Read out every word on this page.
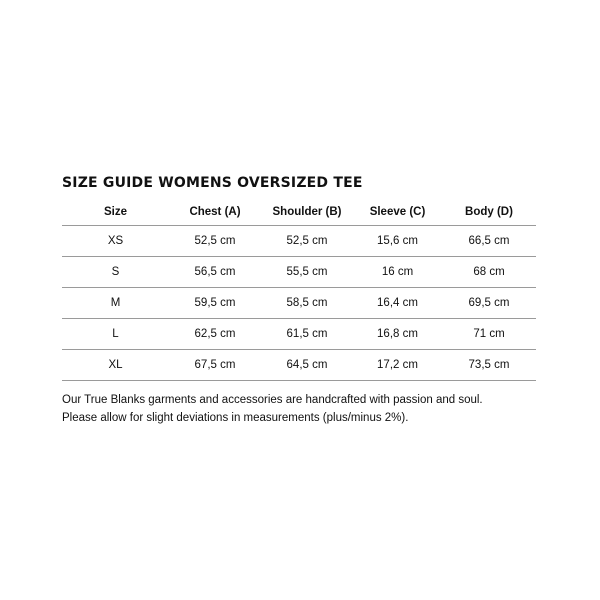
SIZE GUIDE WOMENS OVERSIZED TEE
Size	Chest (A)	Shoulder (B)	Sleeve (C)	Body (D)
XS	52,5 cm	52,5 cm	15,6 cm	66,5 cm
S	56,5 cm	55,5 cm	16 cm	68 cm
M	59,5 cm	58,5 cm	16,4 cm	69,5 cm
L	62,5 cm	61,5 cm	16,8 cm	71 cm
XL	67,5 cm	64,5 cm	17,2 cm	73,5 cm

Our True Blanks garments and accessories are handcrafted with passion and soul.
Please allow for slight deviations in measurements (plus/minus 2%).
